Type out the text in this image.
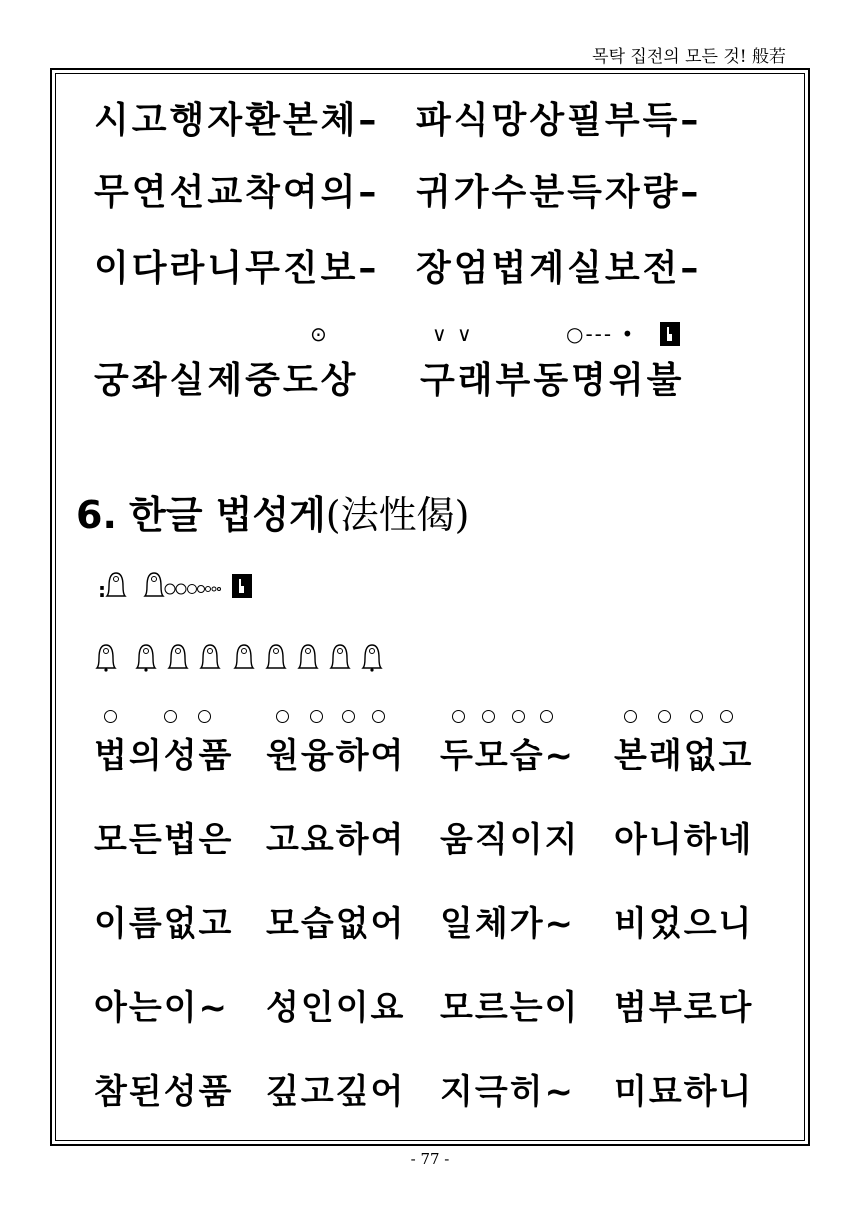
목탁 집전의 모든 것! 般若
시고행자환본체– 파식망상필부득–
무연선교착여의– 귀가수분득자량–
이다라니무진보– 장엄법계실보전–
⊙	∨ ∨	○--- •
궁좌실제중도상 구래부동명위불
6. 한글 법성게(法性偈)
:
법의성품 원융하여 두모습~ 본래없고
모든법은 고요하여 움직이지 아니하네
이름없고 모습없어 일체가~ 비었으니
아는이~ 성인이요 모르는이 범부로다
참된성품 깊고깊어 지극히~ 미묘하니
- 77 -
